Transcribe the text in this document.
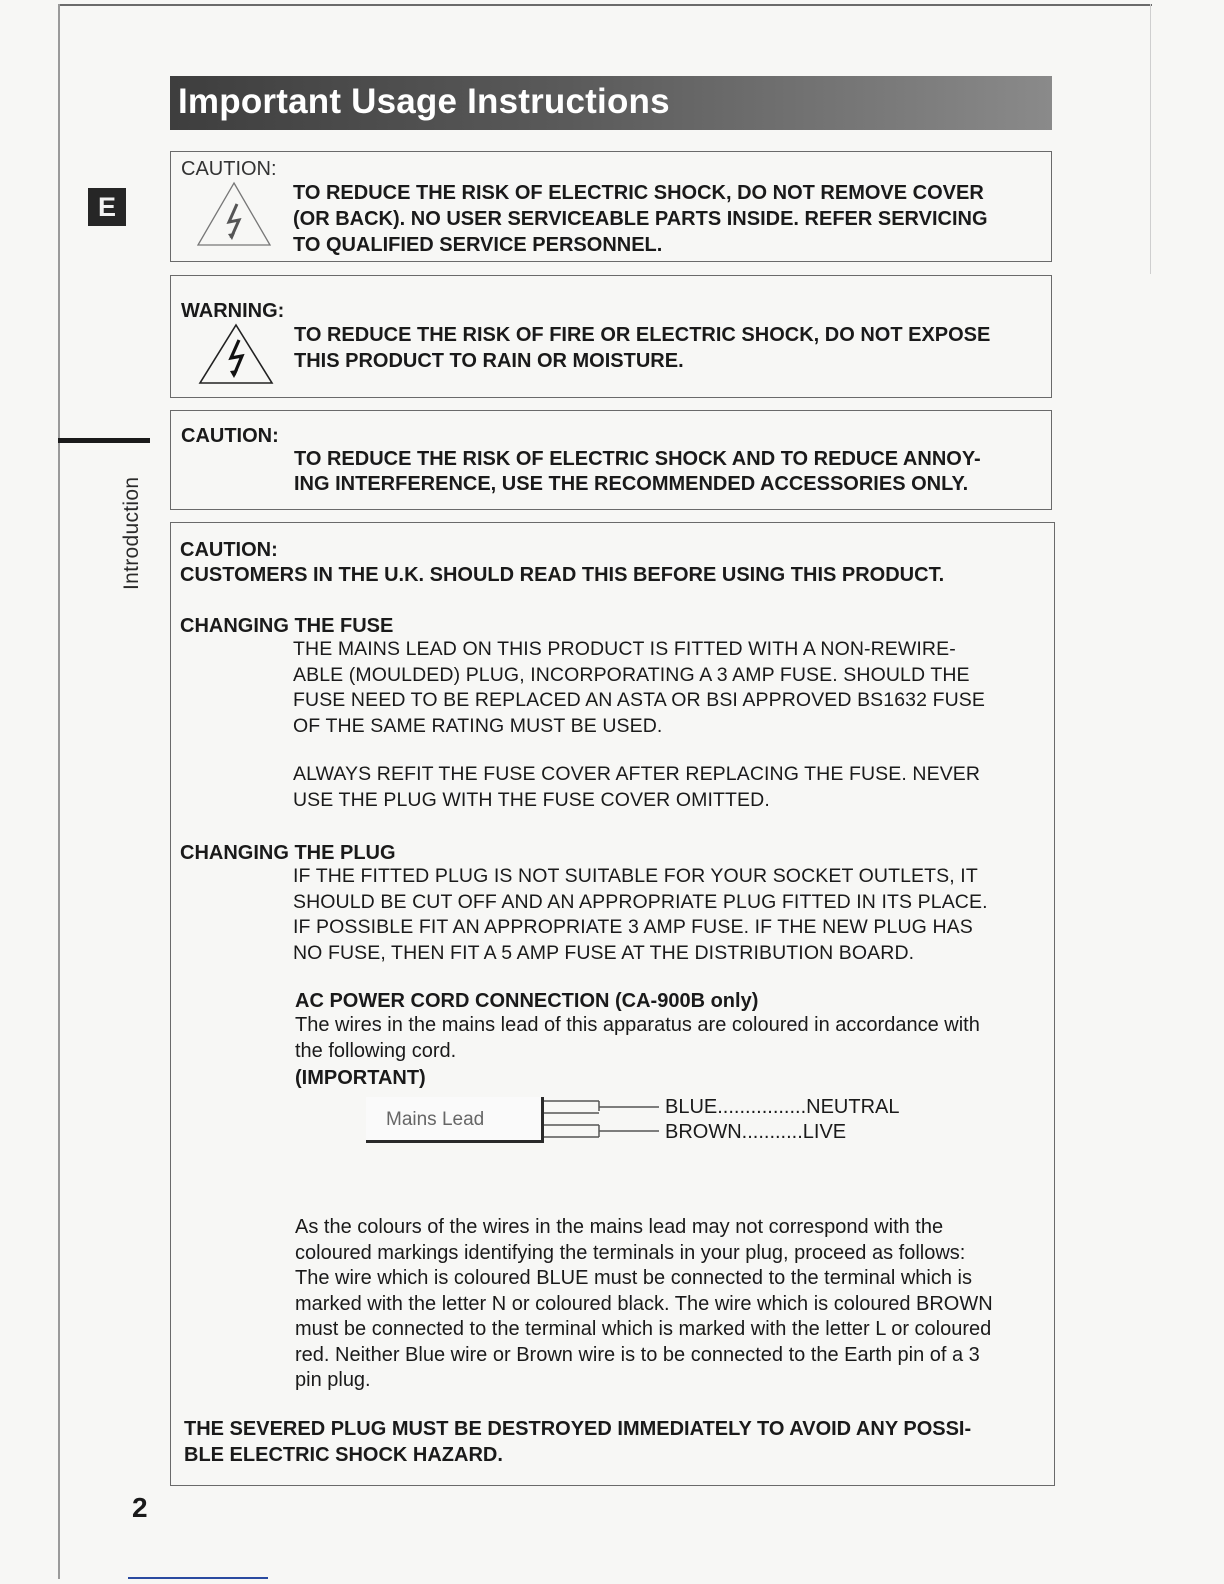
Important Usage Instructions
E
Introduction
2
CAUTION:
TO REDUCE THE RISK OF ELECTRIC SHOCK, DO NOT REMOVE COVER
(OR BACK). NO USER SERVICEABLE PARTS INSIDE. REFER SERVICING
TO QUALIFIED SERVICE PERSONNEL.
WARNING:
TO REDUCE THE RISK OF FIRE OR ELECTRIC SHOCK, DO NOT EXPOSE
THIS PRODUCT TO RAIN OR MOISTURE.
CAUTION:
TO REDUCE THE RISK OF ELECTRIC SHOCK AND TO REDUCE ANNOY-
ING INTERFERENCE, USE THE RECOMMENDED ACCESSORIES ONLY.
CAUTION:
CUSTOMERS IN THE U.K. SHOULD READ THIS BEFORE USING THIS PRODUCT.
CHANGING THE FUSE
THE MAINS LEAD ON THIS PRODUCT IS FITTED WITH A NON-REWIRE-
ABLE (MOULDED) PLUG, INCORPORATING A 3 AMP FUSE. SHOULD THE
FUSE NEED TO BE REPLACED AN ASTA OR BSI APPROVED BS1632 FUSE
OF THE SAME RATING MUST BE USED.
ALWAYS REFIT THE FUSE COVER AFTER REPLACING THE FUSE. NEVER
USE THE PLUG WITH THE FUSE COVER OMITTED.
CHANGING THE PLUG
IF THE FITTED PLUG IS NOT SUITABLE FOR YOUR SOCKET OUTLETS, IT
SHOULD BE CUT OFF AND AN APPROPRIATE PLUG FITTED IN ITS PLACE.
IF POSSIBLE FIT AN APPROPRIATE 3 AMP FUSE. IF THE NEW PLUG HAS
NO FUSE, THEN FIT A 5 AMP FUSE AT THE DISTRIBUTION BOARD.
AC POWER CORD CONNECTION (CA-900B only)
The wires in the mains lead of this apparatus are coloured in accordance with
the following cord.
(IMPORTANT)
As the colours of the wires in the mains lead may not correspond with the
coloured markings identifying the terminals in your plug, proceed as follows:
The wire which is coloured BLUE must be connected to the terminal which is
marked with the letter N or coloured black. The wire which is coloured BROWN
must be connected to the terminal which is marked with the letter L or coloured
red. Neither Blue wire or Brown wire is to be connected to the Earth pin of a 3
pin plug.
THE SEVERED PLUG MUST BE DESTROYED IMMEDIATELY TO AVOID ANY POSSI-
BLE ELECTRIC SHOCK HAZARD.
Mains Lead
BLUE................NEUTRAL
BROWN...........LIVE
